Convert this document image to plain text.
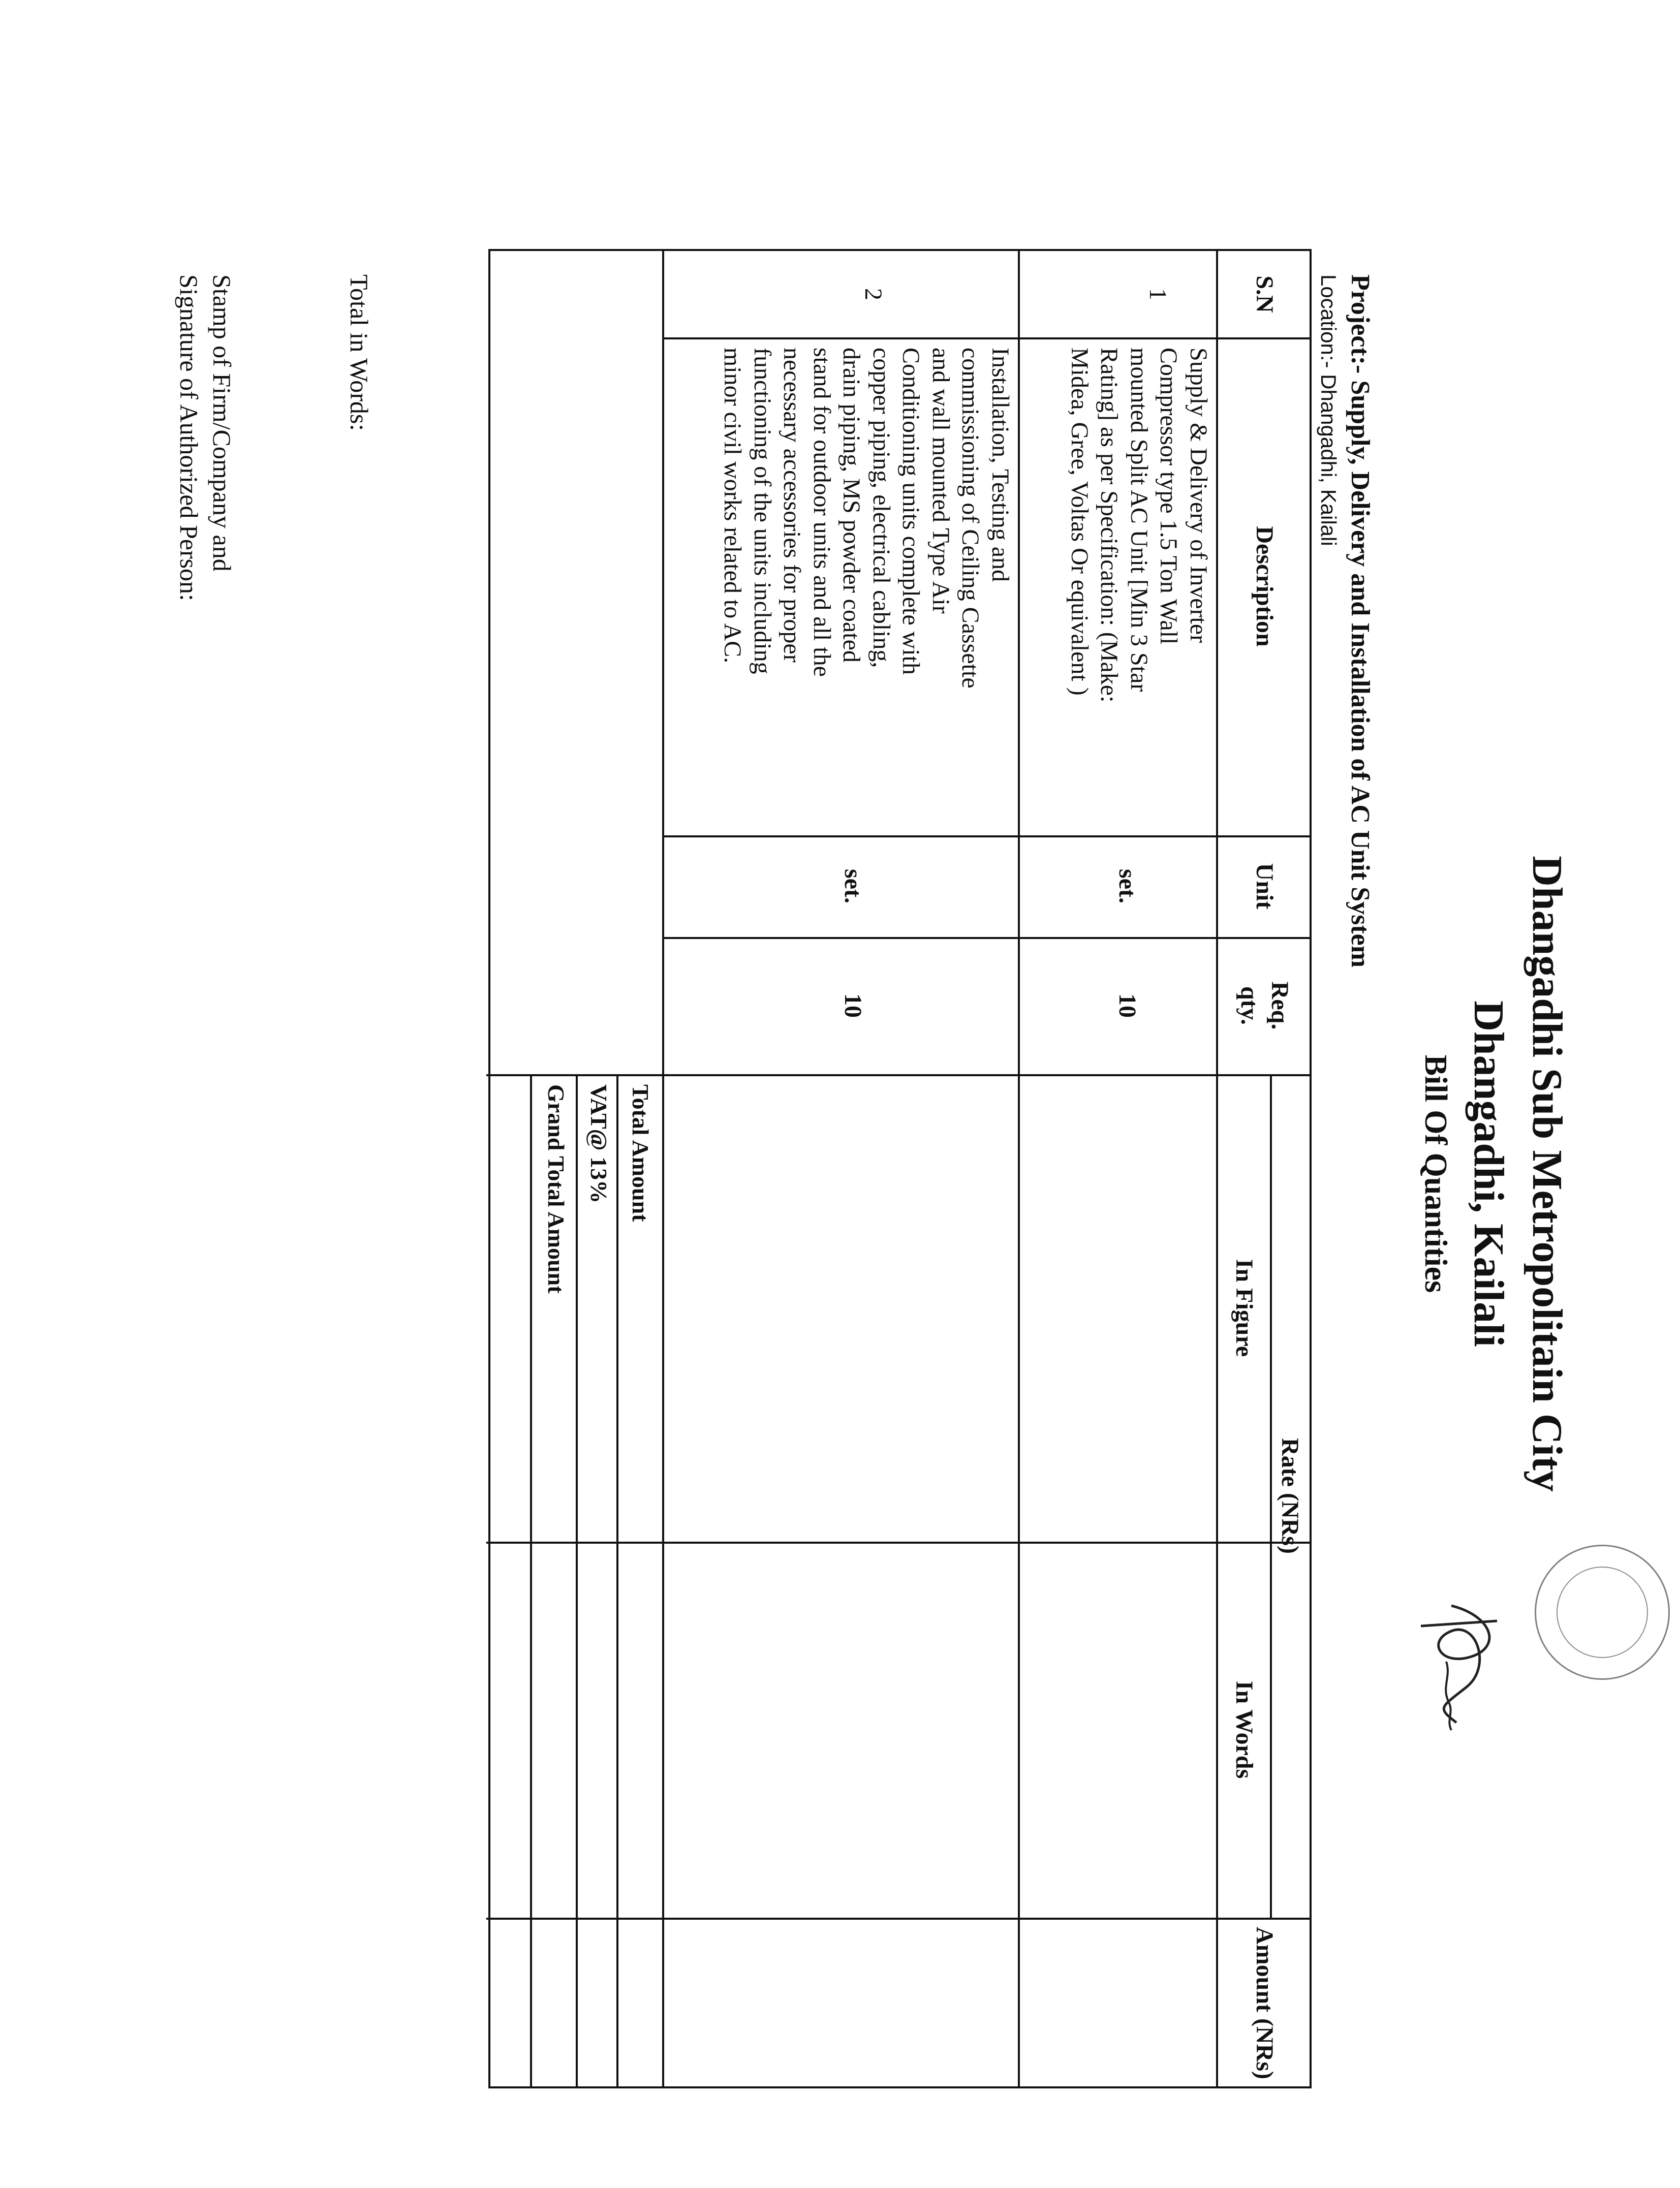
Dhangadhi Sub Metropolitain City
Dhangadhi, Kailali
Bill Of Quantities
Project:- Supply, Delivery and Installation of AC Unit System
Location:- Dhangadhi, Kailali
S.N
Description
Unit
Req.
qty.
Rate (NRs)
In Figure
In Words
Amount (NRs)
1
Supply & Delivery of Inverter
Compressor type 1.5 Ton Wall
mounted Split AC Unit [Min 3 Star
Rating] as per Specification: (Make:
Midea, Gree, Voltas Or equivalent )
set.
10
2
Installation, Testing and
commissioning of Ceiling Cassette
and wall mounted Type Air
Conditioning units complete with
copper piping, electrical cabling,
drain piping, MS powder coated
stand for outdoor units and all the
necessary accessories for proper
functioning of the units including
minor civil works related to AC.
set.
10
Total Amount
VAT@ 13%
Grand Total Amount
Total in Words:
Stamp of Firm/Company and
Signature of Authorized Person:
